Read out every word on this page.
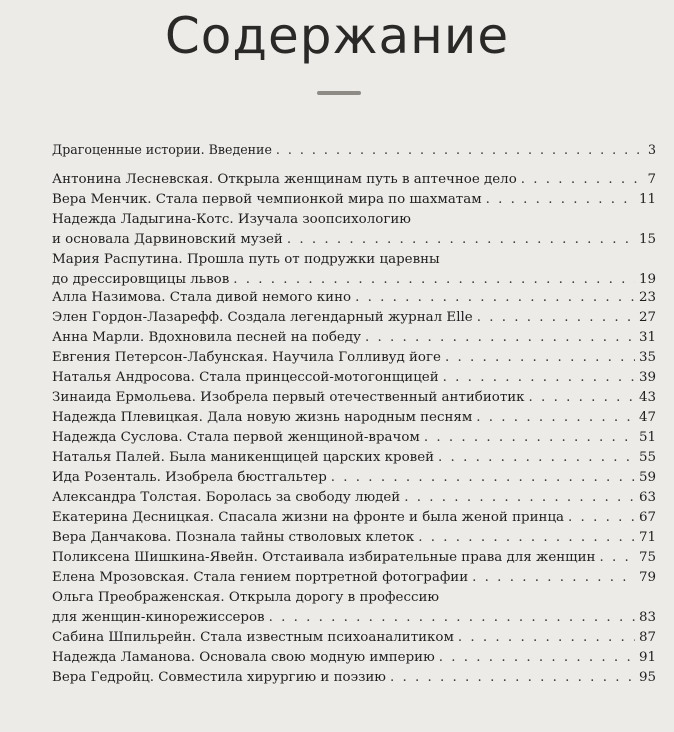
Содержание
Драгоценные истории. Введение . . .	3
Антонина Лесневская. Открыла женщинам путь в аптечное дело . . .	7
Вера Менчик. Стала первой чемпионкой мира по шахматам . . .	11
Надежда Ладыгина-Котс. Изучала зоопсихологию
и основала Дарвиновский музей . . .	15
Мария Распутина. Прошла путь от подружки царевны
до дрессировщицы львов . . .	19
Алла Назимова. Стала дивой немого кино . . .	23
Элен Гордон-Лазарефф. Создала легендарный журнал Elle . . .	27
Анна Марли. Вдохновила песней на победу . . .	31
Евгения Петерсон-Лабунская. Научила Голливуд йоге . . .	35
Наталья Андросова. Стала принцессой-мотогонщицей . . .	39
Зинаида Ермольева. Изобрела первый отечественный антибиотик . . .	43
Надежда Плевицкая. Дала новую жизнь народным песням . . .	47
Надежда Суслова. Стала первой женщиной-врачом . . .	51
Наталья Палей. Была маникенщицей царских кровей . . .	55
Ида Розенталь. Изобрела бюстгальтер . . .	59
Александра Толстая. Боролась за свободу людей . . .	63
Екатерина Десницкая. Спасала жизни на фронте и была женой принца . . .	67
Вера Данчакова. Познала тайны стволовых клеток . . .	71
Поликсена Шишкина-Явейн. Отстаивала избирательные права для женщин . . .	75
Елена Мрозовская. Стала гением портретной фотографии . . .	79
Ольга Преображенская. Открыла дорогу в профессию
для женщин-кинорежиссеров . . .	83
Сабина Шпильрейн. Стала известным психоаналитиком . . .	87
Надежда Ламанова. Основала свою модную империю . . .	91
Вера Гедройц. Совместила хирургию и поэзию . . .	95
